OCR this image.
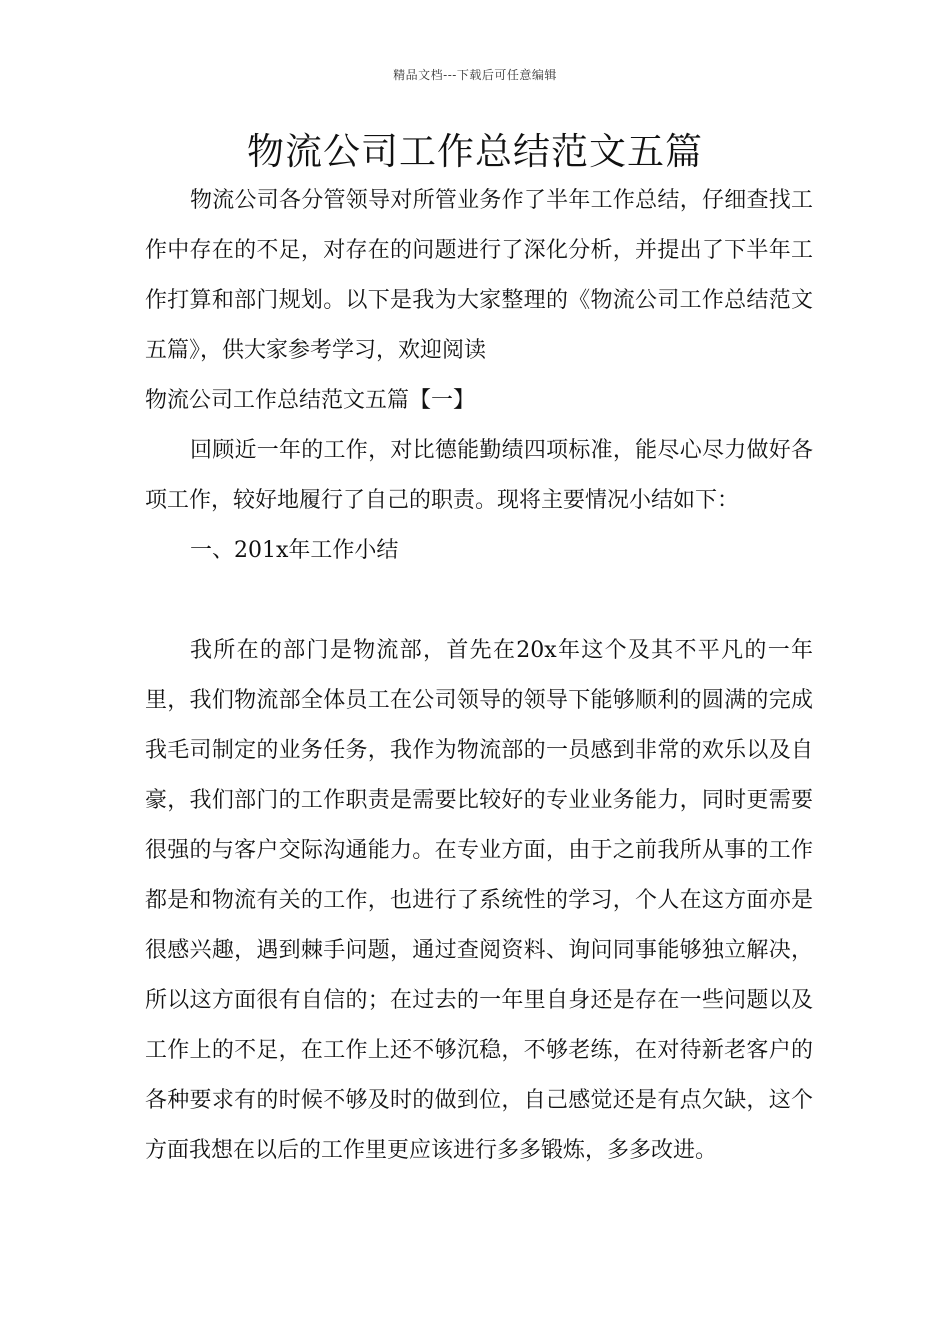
精品文档---下载后可任意编辑
物流公司工作总结范文五篇

物流公司各分管领导对所管业务作了半年工作总结，仔细查找工作中存在的不足，对存在的问题进行了深化分析，并提出了下半年工作打算和部门规划。以下是我为大家整理的《物流公司工作总结范文五篇》，供大家参考学习，欢迎阅读

物流公司工作总结范文五篇【一】

回顾近一年的工作，对比德能勤绩四项标准，能尽心尽力做好各项工作，较好地履行了自己的职责。现将主要情况小结如下：

一、201x年工作小结

我所在的部门是物流部，首先在20x年这个及其不平凡的一年里，我们物流部全体员工在公司领导的领导下能够顺利的圆满的完成我毛司制定的业务任务，我作为物流部的一员感到非常的欢乐以及自豪，我们部门的工作职责是需要比较好的专业业务能力，同时更需要很强的与客户交际沟通能力。在专业方面，由于之前我所从事的工作都是和物流有关的工作，也进行了系统性的学习，个人在这方面亦是很感兴趣，遇到棘手问题，通过查阅资料、询问同事能够独立解决，所以这方面很有自信的；在过去的一年里自身还是存在一些问题以及工作上的不足，在工作上还不够沉稳，不够老练，在对待新老客户的各种要求有的时候不够及时的做到位，自己感觉还是有点欠缺，这个方面我想在以后的工作里更应该进行多多锻炼，多多改进。
